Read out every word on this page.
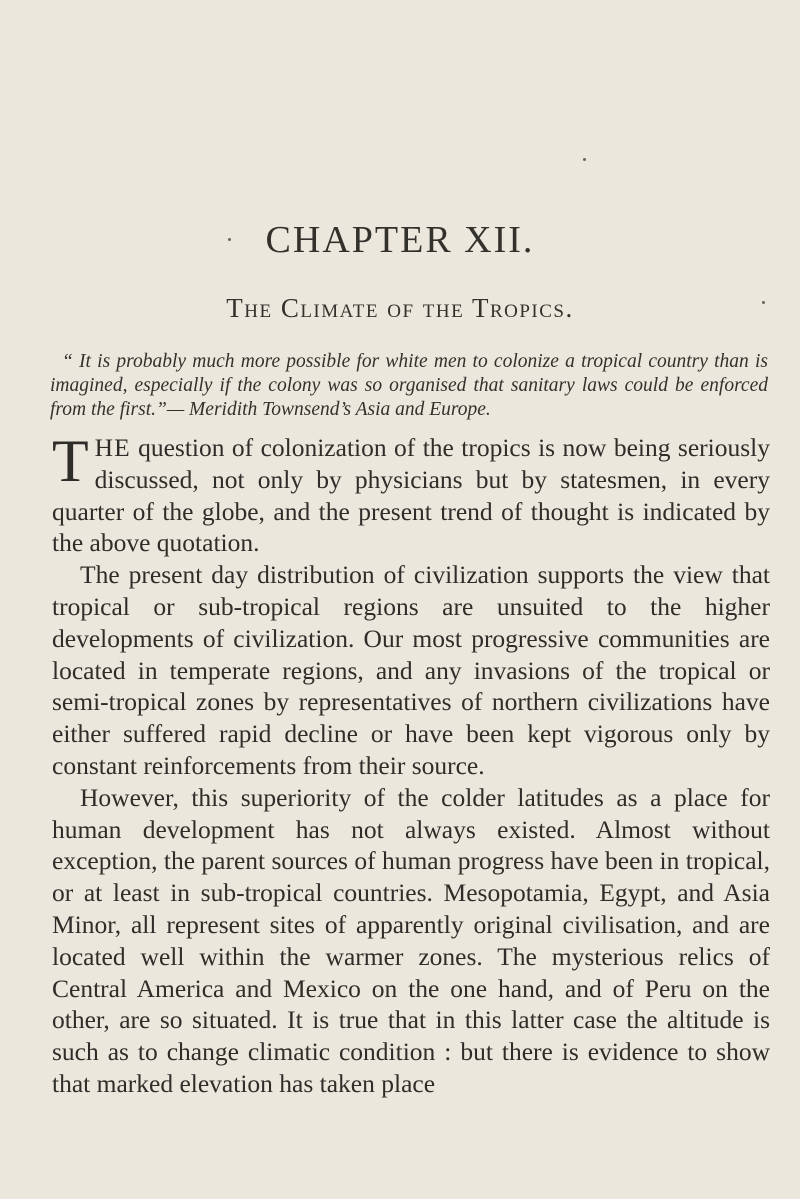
CHAPTER XII.
The Climate of the Tropics.

“ It is probably much more possible for white men to colonize a tropical country than is imagined, especially if the colony was so organised that sanitary laws could be enforced from the first.”— Meridith Townsend’s Asia and Europe.

THE question of colonization of the tropics is now being seriously discussed, not only by physicians but by statesmen, in every quarter of the globe, and the present trend of thought is indicated by the above quotation.

The present day distribution of civilization supports the view that tropical or sub-tropical regions are unsuited to the higher developments of civilization. Our most progressive communities are located in temperate regions, and any invasions of the tropical or semi-tropical zones by representatives of northern civilizations have either suffered rapid decline or have been kept vigorous only by constant reinforcements from their source.

However, this superiority of the colder latitudes as a place for human development has not always existed. Almost without exception, the parent sources of human progress have been in tropical, or at least in sub-tropical countries. Mesopotamia, Egypt, and Asia Minor, all represent sites of apparently original civilisation, and are located well within the warmer zones. The mysterious relics of Central America and Mexico on the one hand, and of Peru on the other, are so situated. It is true that in this latter case the altitude is such as to change climatic condition : but there is evidence to show that marked elevation has taken place
